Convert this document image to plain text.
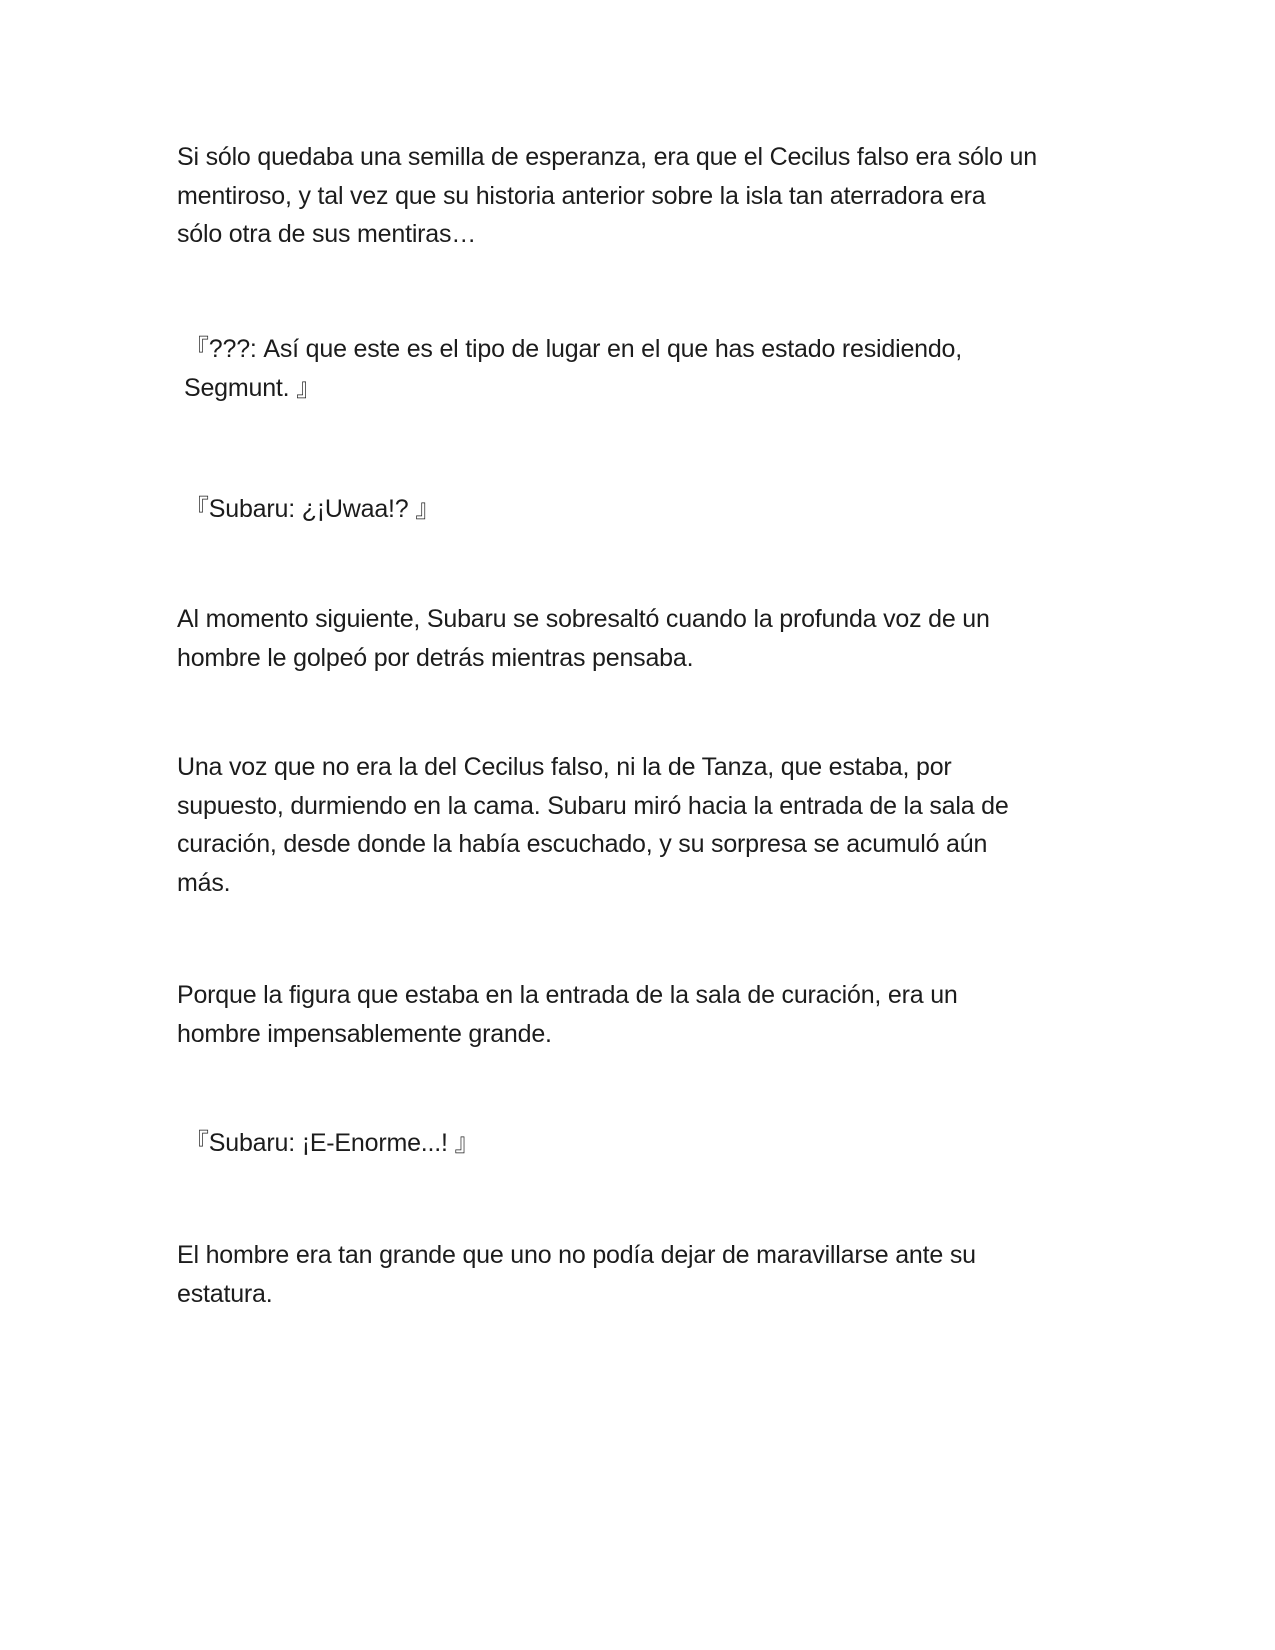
Si sólo quedaba una semilla de esperanza, era que el Cecilus falso era sólo un
mentiroso, y tal vez que su historia anterior sobre la isla tan aterradora era
sólo otra de sus mentiras…

『???: Así que este es el tipo de lugar en el que has estado residiendo,
Segmunt. 』

『Subaru: ¿¡Uwaa!? 』

Al momento siguiente, Subaru se sobresaltó cuando la profunda voz de un
hombre le golpeó por detrás mientras pensaba.

Una voz que no era la del Cecilus falso, ni la de Tanza, que estaba, por
supuesto, durmiendo en la cama. Subaru miró hacia la entrada de la sala de
curación, desde donde la había escuchado, y su sorpresa se acumuló aún
más.

Porque la figura que estaba en la entrada de la sala de curación, era un
hombre impensablemente grande.

『Subaru: ¡E-Enorme...! 』

El hombre era tan grande que uno no podía dejar de maravillarse ante su
estatura.
